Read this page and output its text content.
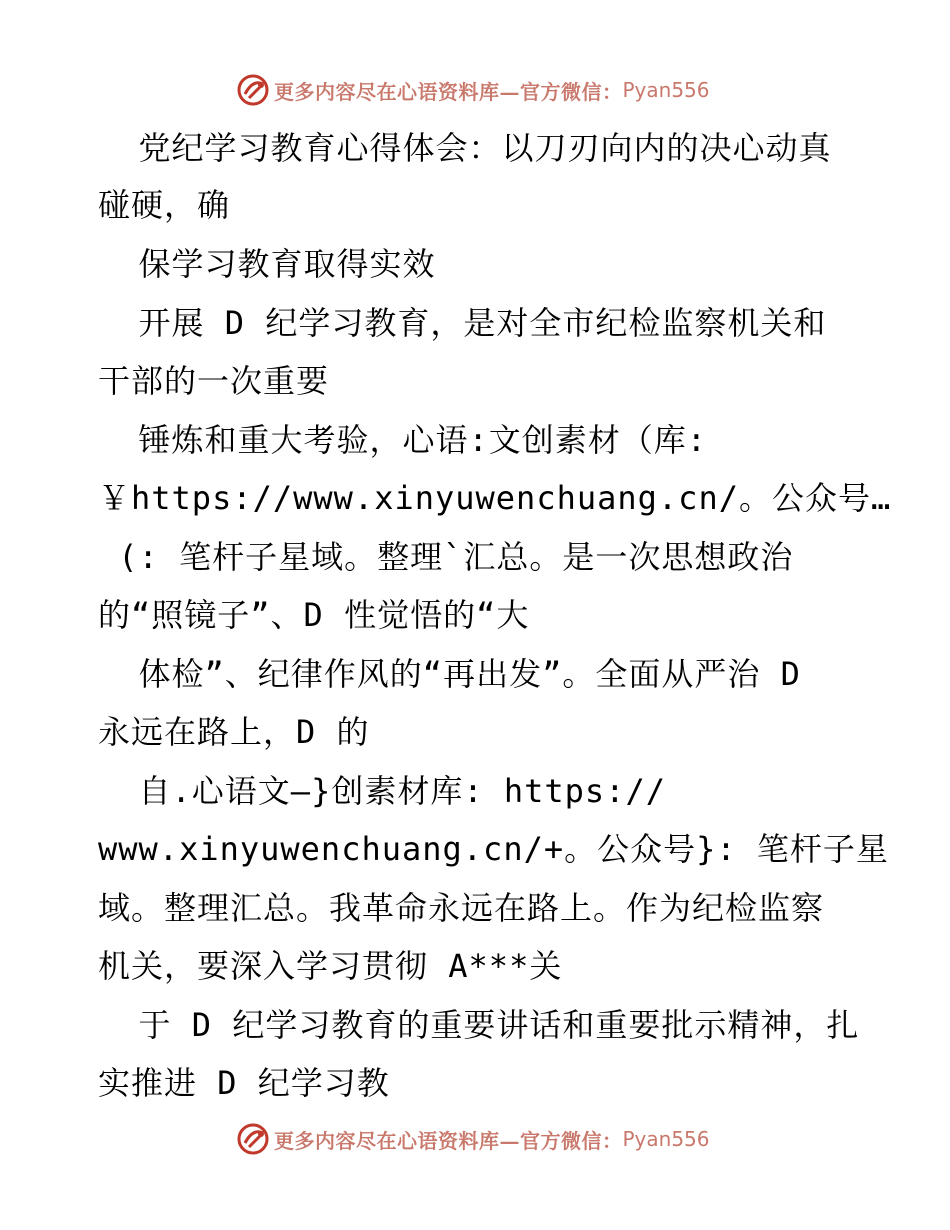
更多内容尽在心语资料库—官方微信： Pyan556
党纪学习教育心得体会：以刀刃向内的决心动真
碰硬，确
保学习教育取得实效
开展 D 纪学习教育，是对全市纪检监察机关和
干部的一次重要
锤炼和重大考验，心语:文创素材（库:
￥https://www.xinyuwenchuang.cn/。公众号…
(: 笔杆子星域。整理`汇总。是一次思想政治
的“照镜子”、D 性觉悟的“大
体检”、纪律作风的“再出发”。全面从严治 D
永远在路上，D 的
自.心语文—}创素材库: https://
www.xinyuwenchuang.cn/+。公众号}: 笔杆子星
域。整理汇总。我革命永远在路上。作为纪检监察
机关，要深入学习贯彻 A***关
于 D 纪学习教育的重要讲话和重要批示精神，扎
实推进 D 纪学习教
更多内容尽在心语资料库—官方微信： Pyan556
